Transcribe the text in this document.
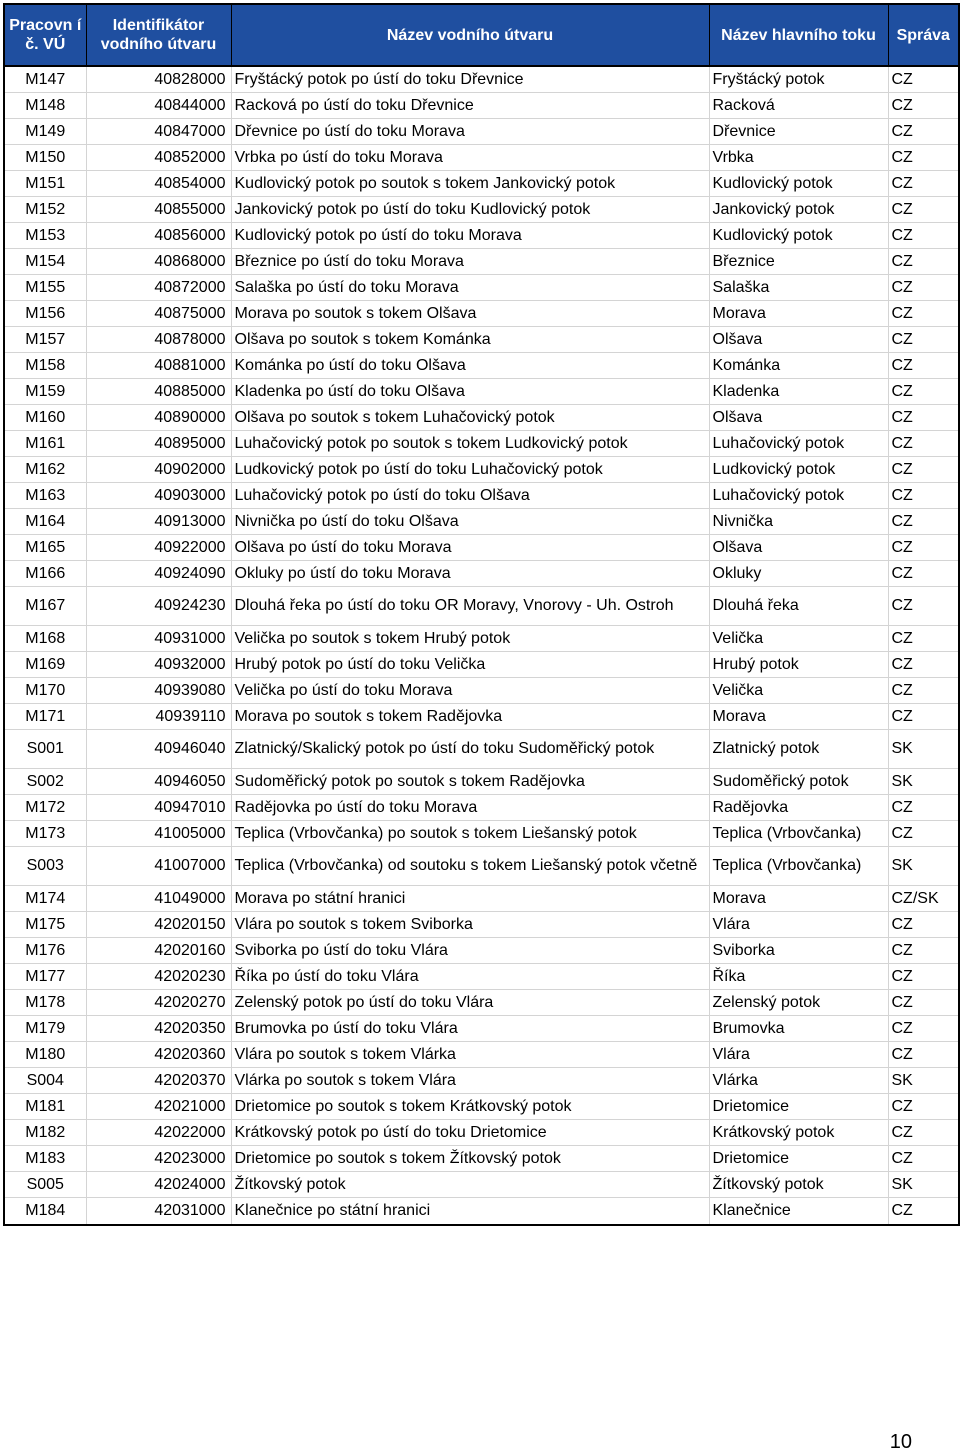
Pracovn í č. VÚ	Identifikátor vodního útvaru	Název vodního útvaru	Název hlavního toku	Správa
M147	40828000	Fryštácký potok po ústí do toku Dřevnice	Fryštácký potok	CZ
M148	40844000	Racková po ústí do toku Dřevnice	Racková	CZ
M149	40847000	Dřevnice po ústí do toku Morava	Dřevnice	CZ
M150	40852000	Vrbka po ústí do toku Morava	Vrbka	CZ
M151	40854000	Kudlovický potok po soutok s tokem Jankovický potok	Kudlovický potok	CZ
M152	40855000	Jankovický potok po ústí do toku Kudlovický potok	Jankovický potok	CZ
M153	40856000	Kudlovický potok po ústí do toku Morava	Kudlovický potok	CZ
M154	40868000	Březnice po ústí do toku Morava	Březnice	CZ
M155	40872000	Salaška po ústí do toku Morava	Salaška	CZ
M156	40875000	Morava po soutok s tokem Olšava	Morava	CZ
M157	40878000	Olšava po soutok s tokem Kománka	Olšava	CZ
M158	40881000	Kománka po ústí do toku Olšava	Kománka	CZ
M159	40885000	Kladenka po ústí do toku Olšava	Kladenka	CZ
M160	40890000	Olšava po soutok s tokem Luhačovický potok	Olšava	CZ
M161	40895000	Luhačovický potok po soutok s tokem Ludkovický potok	Luhačovický potok	CZ
M162	40902000	Ludkovický potok po ústí do toku Luhačovický potok	Ludkovický potok	CZ
M163	40903000	Luhačovický potok po ústí do toku Olšava	Luhačovický potok	CZ
M164	40913000	Nivnička po ústí do toku Olšava	Nivnička	CZ
M165	40922000	Olšava po ústí do toku Morava	Olšava	CZ
M166	40924090	Okluky po ústí do toku Morava	Okluky	CZ
M167	40924230	Dlouhá řeka po ústí do toku OR Moravy, Vnorovy - Uh. Ostroh	Dlouhá řeka	CZ
M168	40931000	Velička po soutok s tokem Hrubý potok	Velička	CZ
M169	40932000	Hrubý potok po ústí do toku Velička	Hrubý potok	CZ
M170	40939080	Velička po ústí do toku Morava	Velička	CZ
M171	40939110	Morava po soutok s tokem Radějovka	Morava	CZ
S001	40946040	Zlatnický/Skalický potok po ústí do toku Sudoměřický potok	Zlatnický potok	SK
S002	40946050	Sudoměřický potok po soutok s tokem Radějovka	Sudoměřický potok	SK
M172	40947010	Radějovka po ústí do toku Morava	Radějovka	CZ
M173	41005000	Teplica (Vrbovčanka) po soutok s tokem Liešanský potok	Teplica (Vrbovčanka)	CZ
S003	41007000	Teplica (Vrbovčanka) od soutoku s tokem Liešanský potok včetně	Teplica (Vrbovčanka)	SK
M174	41049000	Morava po státní hranici	Morava	CZ/SK
M175	42020150	Vlára po soutok s tokem Sviborka	Vlára	CZ
M176	42020160	Sviborka po ústí do toku Vlára	Sviborka	CZ
M177	42020230	Říka po ústí do toku Vlára	Říka	CZ
M178	42020270	Zelenský potok po ústí do toku Vlára	Zelenský potok	CZ
M179	42020350	Brumovka po ústí do toku Vlára	Brumovka	CZ
M180	42020360	Vlára po soutok s tokem Vlárka	Vlára	CZ
S004	42020370	Vlárka po soutok s tokem Vlára	Vlárka	SK
M181	42021000	Drietomice po soutok s tokem Krátkovský potok	Drietomice	CZ
M182	42022000	Krátkovský potok po ústí do toku Drietomice	Krátkovský potok	CZ
M183	42023000	Drietomice po soutok s tokem Žítkovský potok	Drietomice	CZ
S005	42024000	Žítkovský potok	Žítkovský potok	SK
M184	42031000	Klanečnice po státní hranici	Klanečnice	CZ
10
